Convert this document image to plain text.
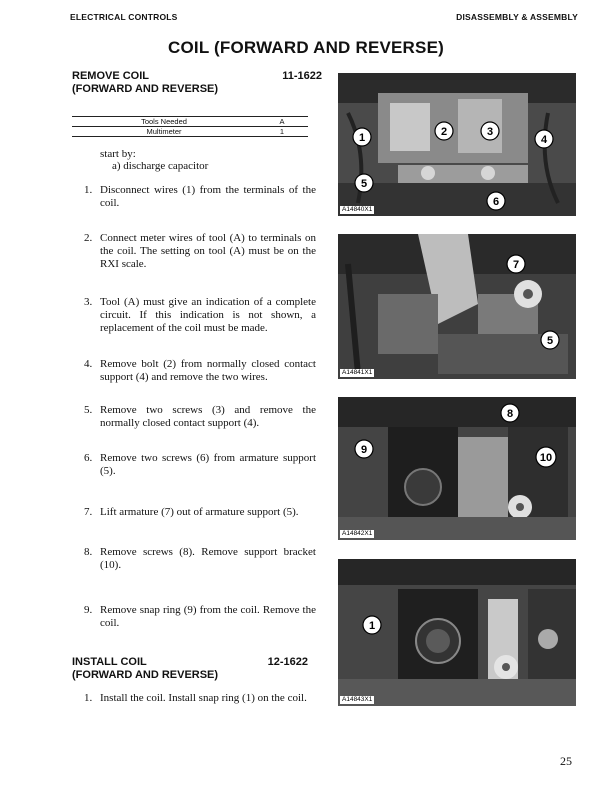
ELECTRICAL CONTROLS	DISASSEMBLY & ASSEMBLY
COIL (FORWARD AND REVERSE)
REMOVE COIL
(FORWARD AND REVERSE)
11-1622
Tools Needed	A
Multimeter	1
start by:
a) discharge capacitor
1. Disconnect wires (1) from the terminals of the coil.
2. Connect meter wires of tool (A) to terminals on the coil. The setting on tool (A) must be on the RXI scale.
3. Tool (A) must give an indication of a complete circuit. If this indication is not shown, a replacement of the coil must be made.
4. Remove bolt (2) from normally closed contact support (4) and remove the two wires.
5. Remove two screws (3) and remove the normally closed contact support (4).
6. Remove two screws (6) from armature support (5).
7. Lift armature (7) out of armature support (5).
8. Remove screws (8). Remove support bracket (10).
9. Remove snap ring (9) from the coil. Remove the coil.
INSTALL COIL
(FORWARD AND REVERSE)
12-1622
1. Install the coil. Install snap ring (1) on the coil.
1	2	3
4
5
6
A14840X1
7
5
A14841X1
8
9
10
A14842X1
1
A14843X1
25
